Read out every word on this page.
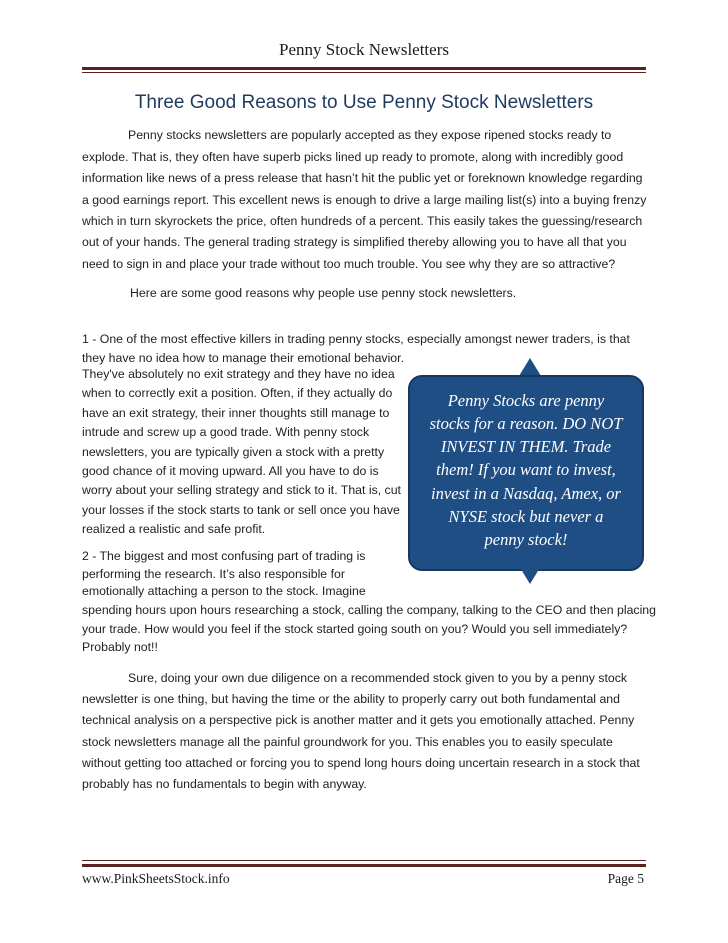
Penny Stock Newsletters
Three Good Reasons to Use Penny Stock Newsletters
Penny stocks newsletters are popularly accepted as they expose ripened stocks ready to
explode. That is, they often have superb picks lined up ready to promote, along with incredibly good
information like news of a press release that hasn’t hit the public yet or foreknown knowledge regarding
a good earnings report. This excellent news is enough to drive a large mailing list(s) into a buying frenzy
which in turn skyrockets the price, often hundreds of a percent. This easily takes the guessing/research
out of your hands. The general trading strategy is simplified thereby allowing you to have all that you
need to sign in and place your trade without too much trouble. You see why they are so attractive?
Here are some good reasons why people use penny stock newsletters.
1 - One of the most effective killers in trading penny stocks, especially amongst newer traders, is that
they have no idea how to manage their emotional behavior.
They've absolutely no exit strategy and they have no idea
when to correctly exit a position. Often, if they actually do
have an exit strategy, their inner thoughts still manage to
intrude and screw up a good trade. With penny stock
newsletters, you are typically given a stock with a pretty
good chance of it moving upward. All you have to do is
worry about your selling strategy and stick to it. That is, cut
your losses if the stock starts to tank or sell once you have
realized a realistic and safe profit.
2 - The biggest and most confusing part of trading is
performing the research. It’s also responsible for
emotionally attaching a person to the stock. Imagine
spending hours upon hours researching a stock, calling the company, talking to the CEO and then placing
your trade. How would you feel if the stock started going south on you? Would you sell immediately?
Probably not!!
Sure, doing your own due diligence on a recommended stock given to you by a penny stock
newsletter is one thing, but having the time or the ability to properly carry out both fundamental and
technical analysis on a perspective pick is another matter and it gets you emotionally attached. Penny
stock newsletters manage all the painful groundwork for you. This enables you to easily speculate
without getting too attached or forcing you to spend long hours doing uncertain research in a stock that
probably has no fundamentals to begin with anyway.
Penny Stocks are penny
stocks for a reason. DO NOT
INVEST IN THEM. Trade
them! If you want to invest,
invest in a Nasdaq, Amex, or
NYSE stock but never a
penny stock!
www.PinkSheetsStock.info	Page 5
